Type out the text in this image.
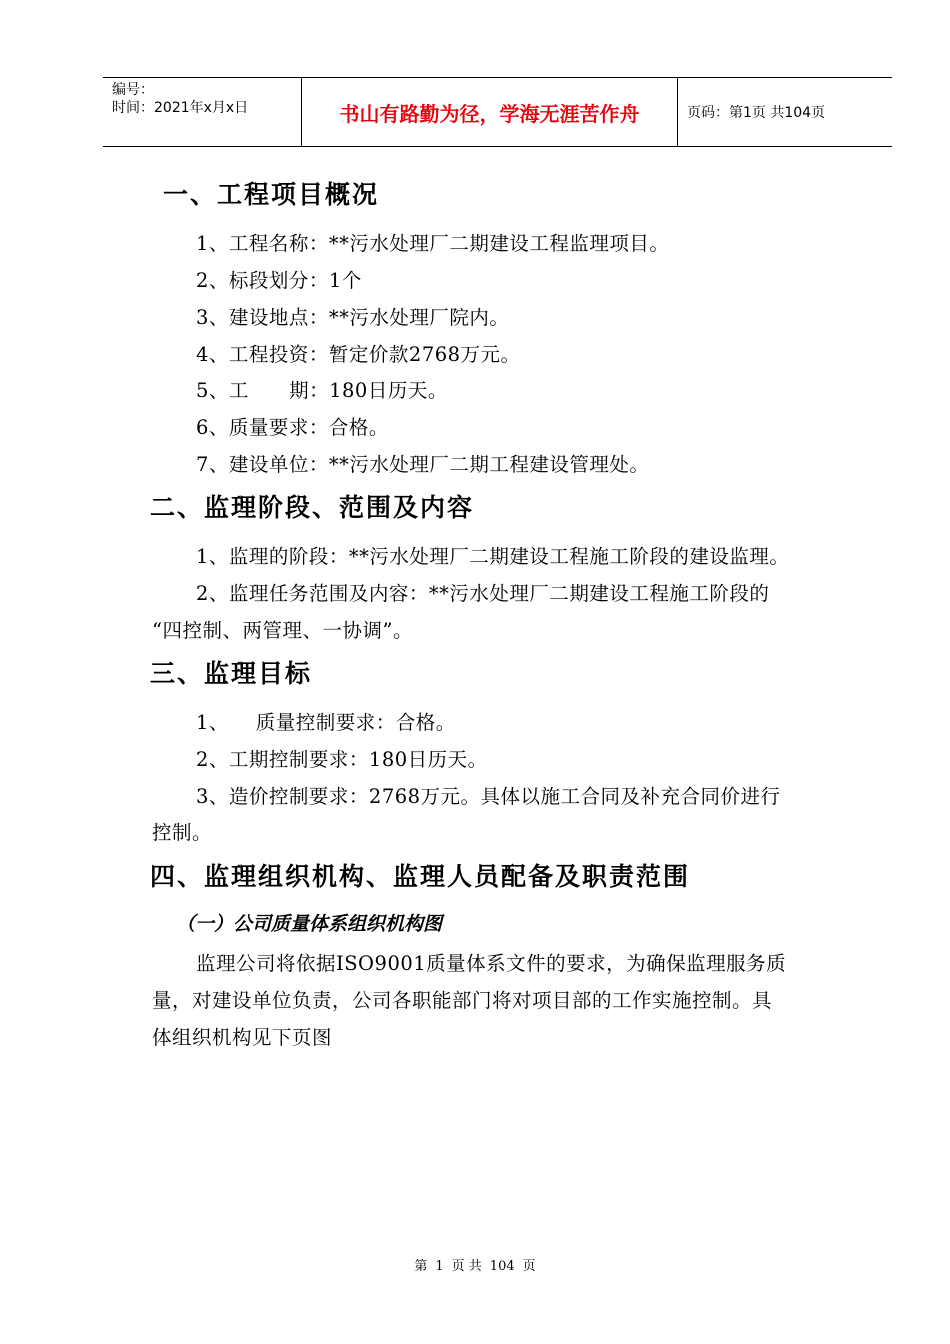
编号：
时间：2021年x月x日	书山有路勤为径，学海无涯苦作舟	页码：第1页 共104页
一、工程项目概况
1、工程名称：**污水处理厂二期建设工程监理项目。
2、标段划分：1个
3、建设地点：**污水处理厂院内。
4、工程投资：暂定价款2768万元。
5、工      期：180日历天。
6、质量要求：合格。
7、建设单位：**污水处理厂二期工程建设管理处。
二、监理阶段、范围及内容
1、监理的阶段：**污水处理厂二期建设工程施工阶段的建设监理。
2、监理任务范围及内容：**污水处理厂二期建设工程施工阶段的
“四控制、两管理、一协调”。
三、监理目标
1、    质量控制要求：合格。
2、工期控制要求：180日历天。
3、造价控制要求：2768万元。具体以施工合同及补充合同价进行
控制。
四、监理组织机构、监理人员配备及职责范围
（一）公司质量体系组织机构图
监理公司将依据ISO9001质量体系文件的要求，为确保监理服务质
量，对建设单位负责，公司各职能部门将对项目部的工作实施控制。具
体组织机构见下页图
第 1 页 共 104 页
